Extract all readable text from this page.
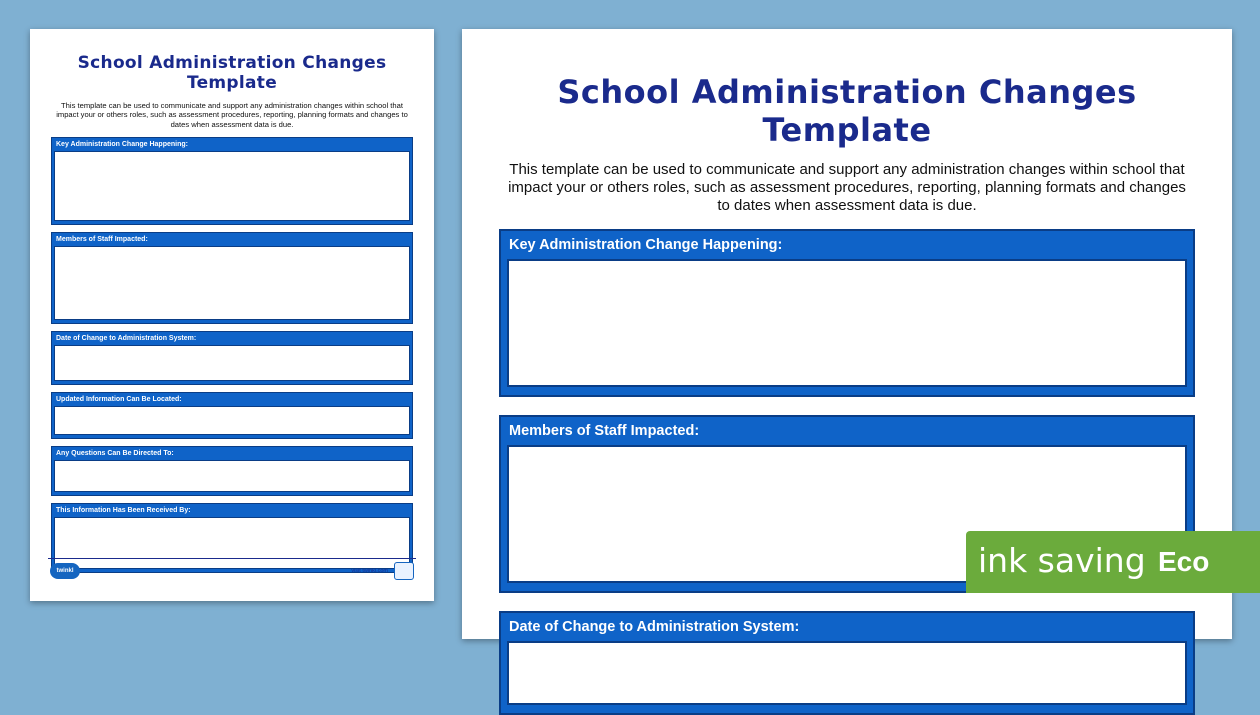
School Administration Changes Template
This template can be used to communicate and support any administration changes within school that impact your or others roles, such as assessment procedures, reporting, planning formats and changes to dates when assessment data is due.
Key Administration Change Happening:
Members of Staff Impacted:
Date of Change to Administration System:
Updated Information Can Be Located:
Any Questions Can Be Directed To:
This Information Has Been Received By:
twinkl LIFE
visit twinkl.com
School Administration Changes Template
This template can be used to communicate and support any administration changes within school that impact your or others roles, such as assessment procedures, reporting, planning formats and changes to dates when assessment data is due.
Key Administration Change Happening:
Members of Staff Impacted:
Date of Change to Administration System:
ink saving Eco
